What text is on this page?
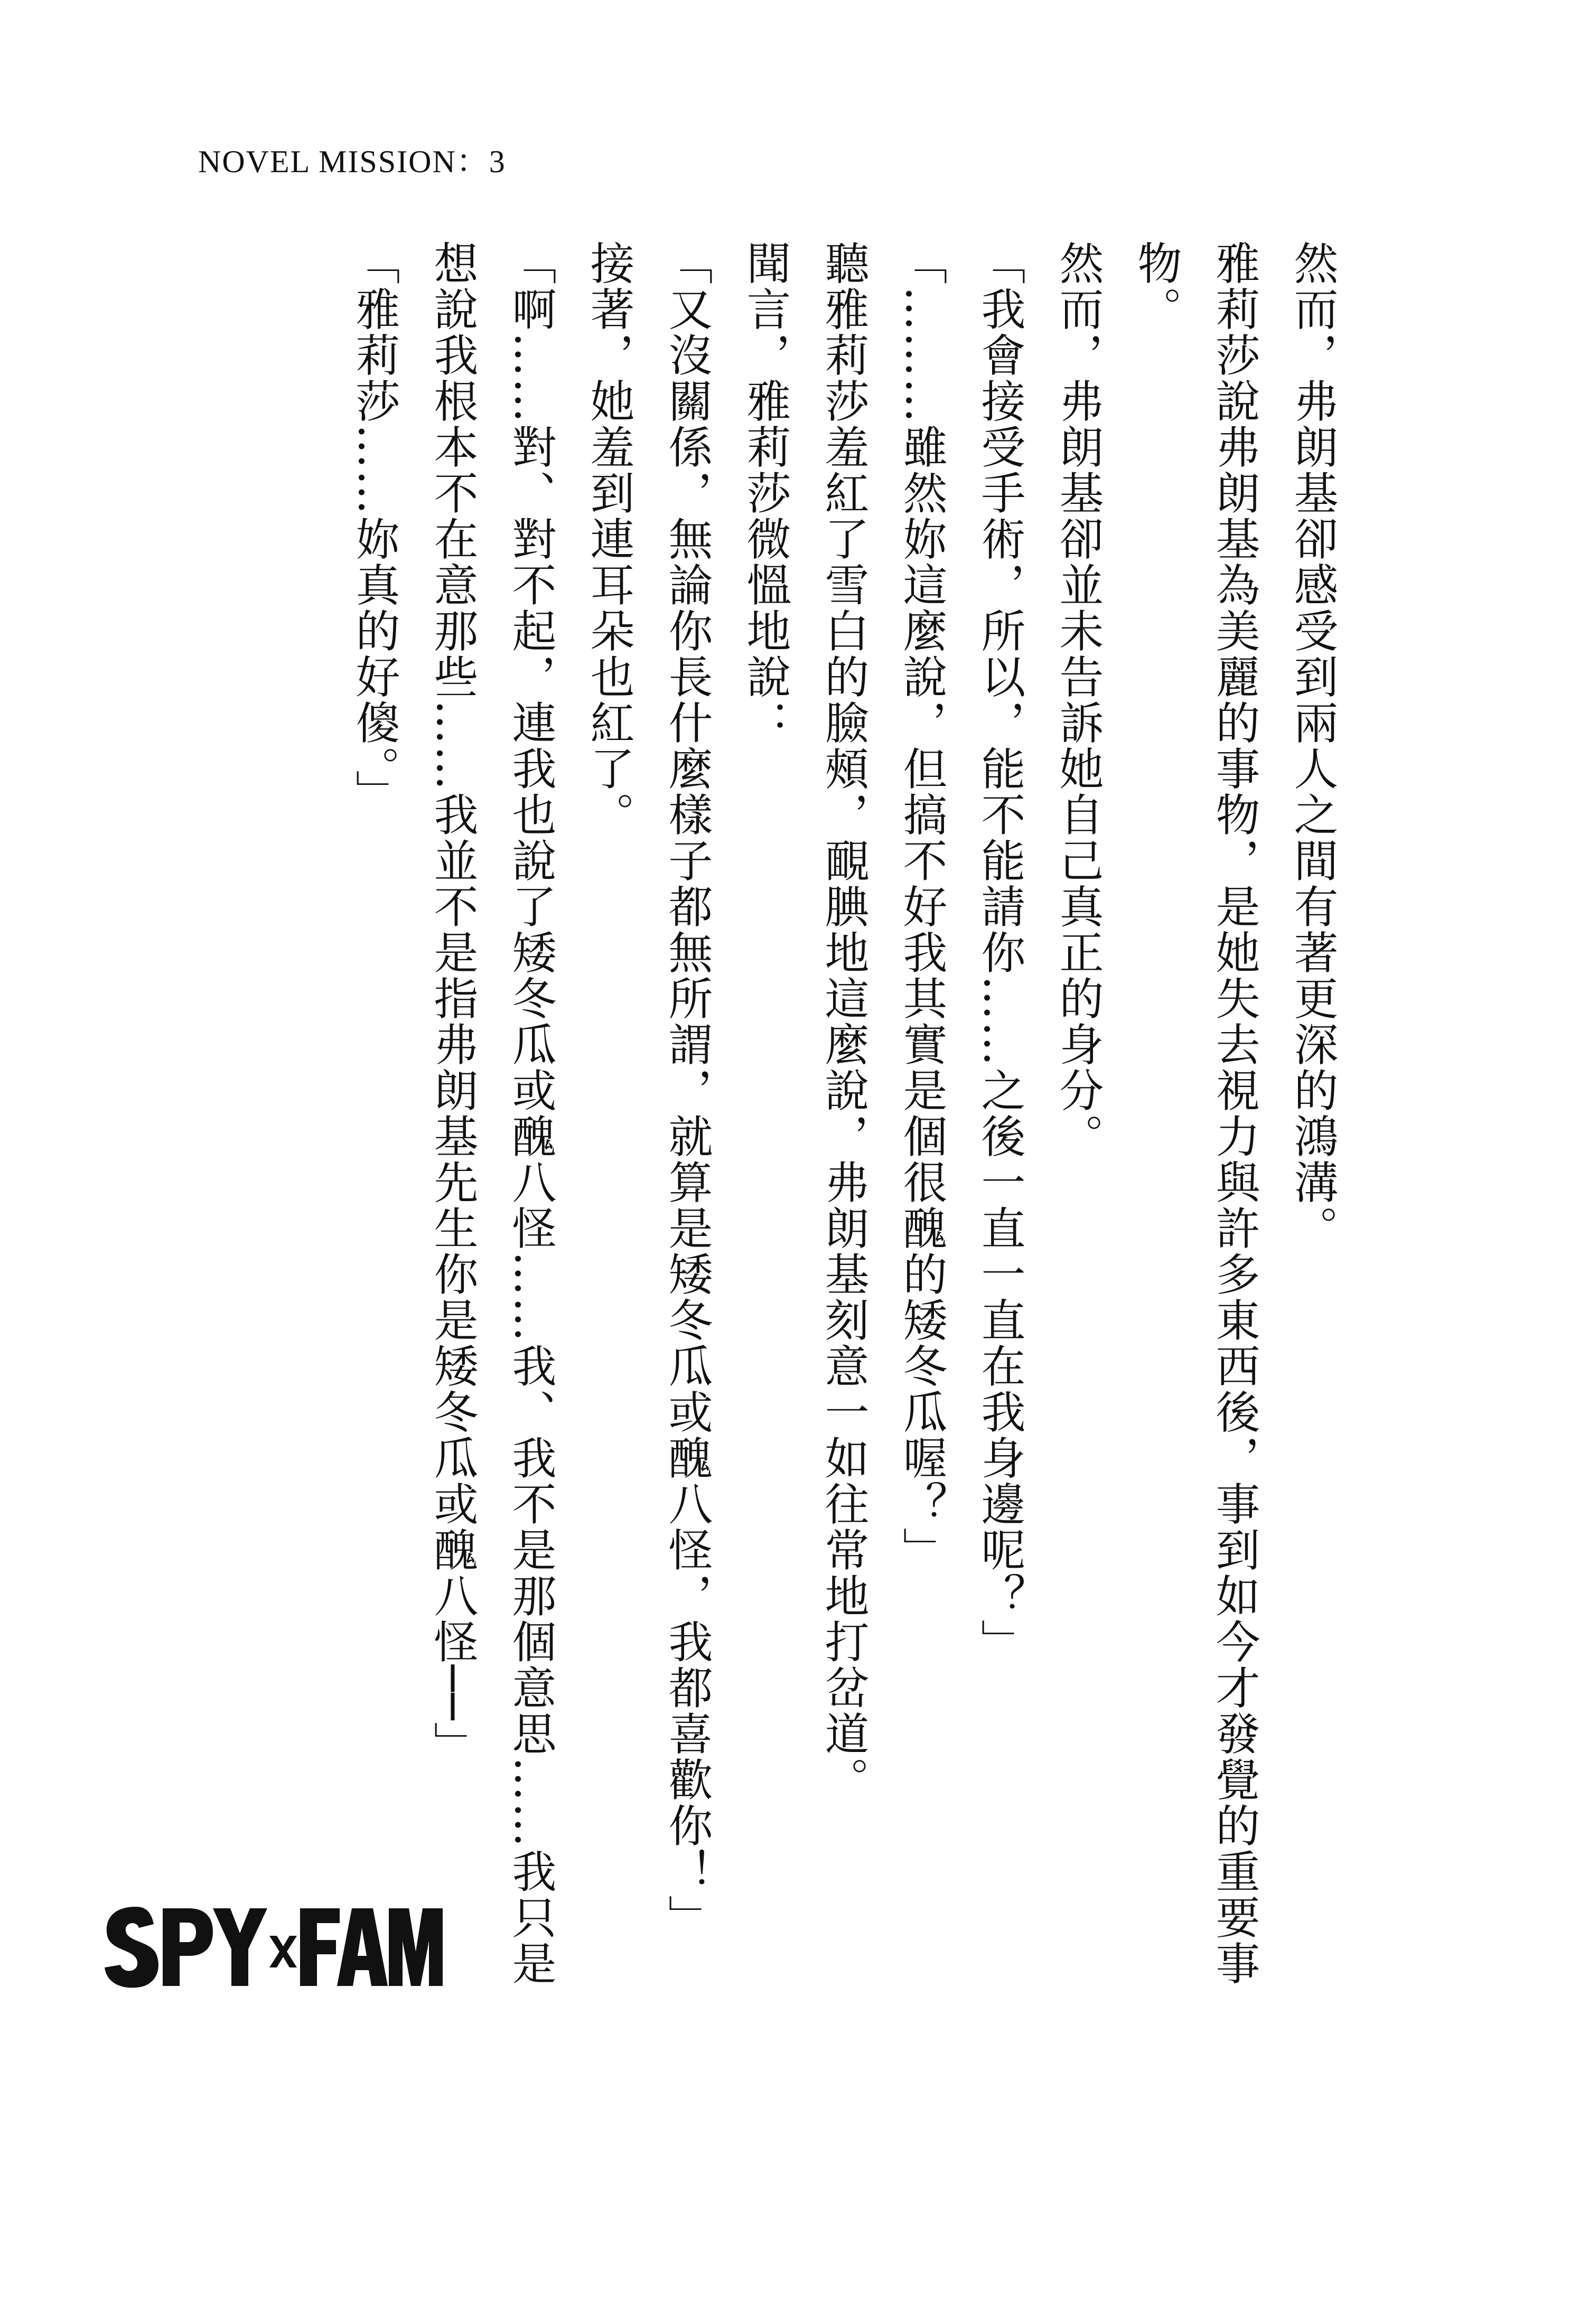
NOVEL MISSION：3

然而，弗朗基卻感受到兩人之間有著更深的鴻溝。

雅莉莎說弗朗基為美麗的事物，是她失去視力與許多東西後，事到如今才發覺的重要事

物。

然而，弗朗基卻並未告訴她自己真正的身分。

「我會接受手術，所以，能不能請你……之後一直一直在我身邊呢？」

「………雖然妳這麼說，但搞不好我其實是個很醜的矮冬瓜喔？」

聽雅莉莎羞紅了雪白的臉頰，靦腆地這麼說，弗朗基刻意一如往常地打岔道。

聞言，雅莉莎微慍地說：

「又沒關係，無論你長什麼樣子都無所謂，就算是矮冬瓜或醜八怪，我都喜歡你！」

接著，她羞到連耳朵也紅了。

「啊……對、對不起，連我也說了矮冬瓜或醜八怪……我、我不是那個意思……我只是

想說我根本不在意那些……我並不是指弗朗基先生你是矮冬瓜或醜八怪──」

「雅莉莎……妳真的好傻。」
